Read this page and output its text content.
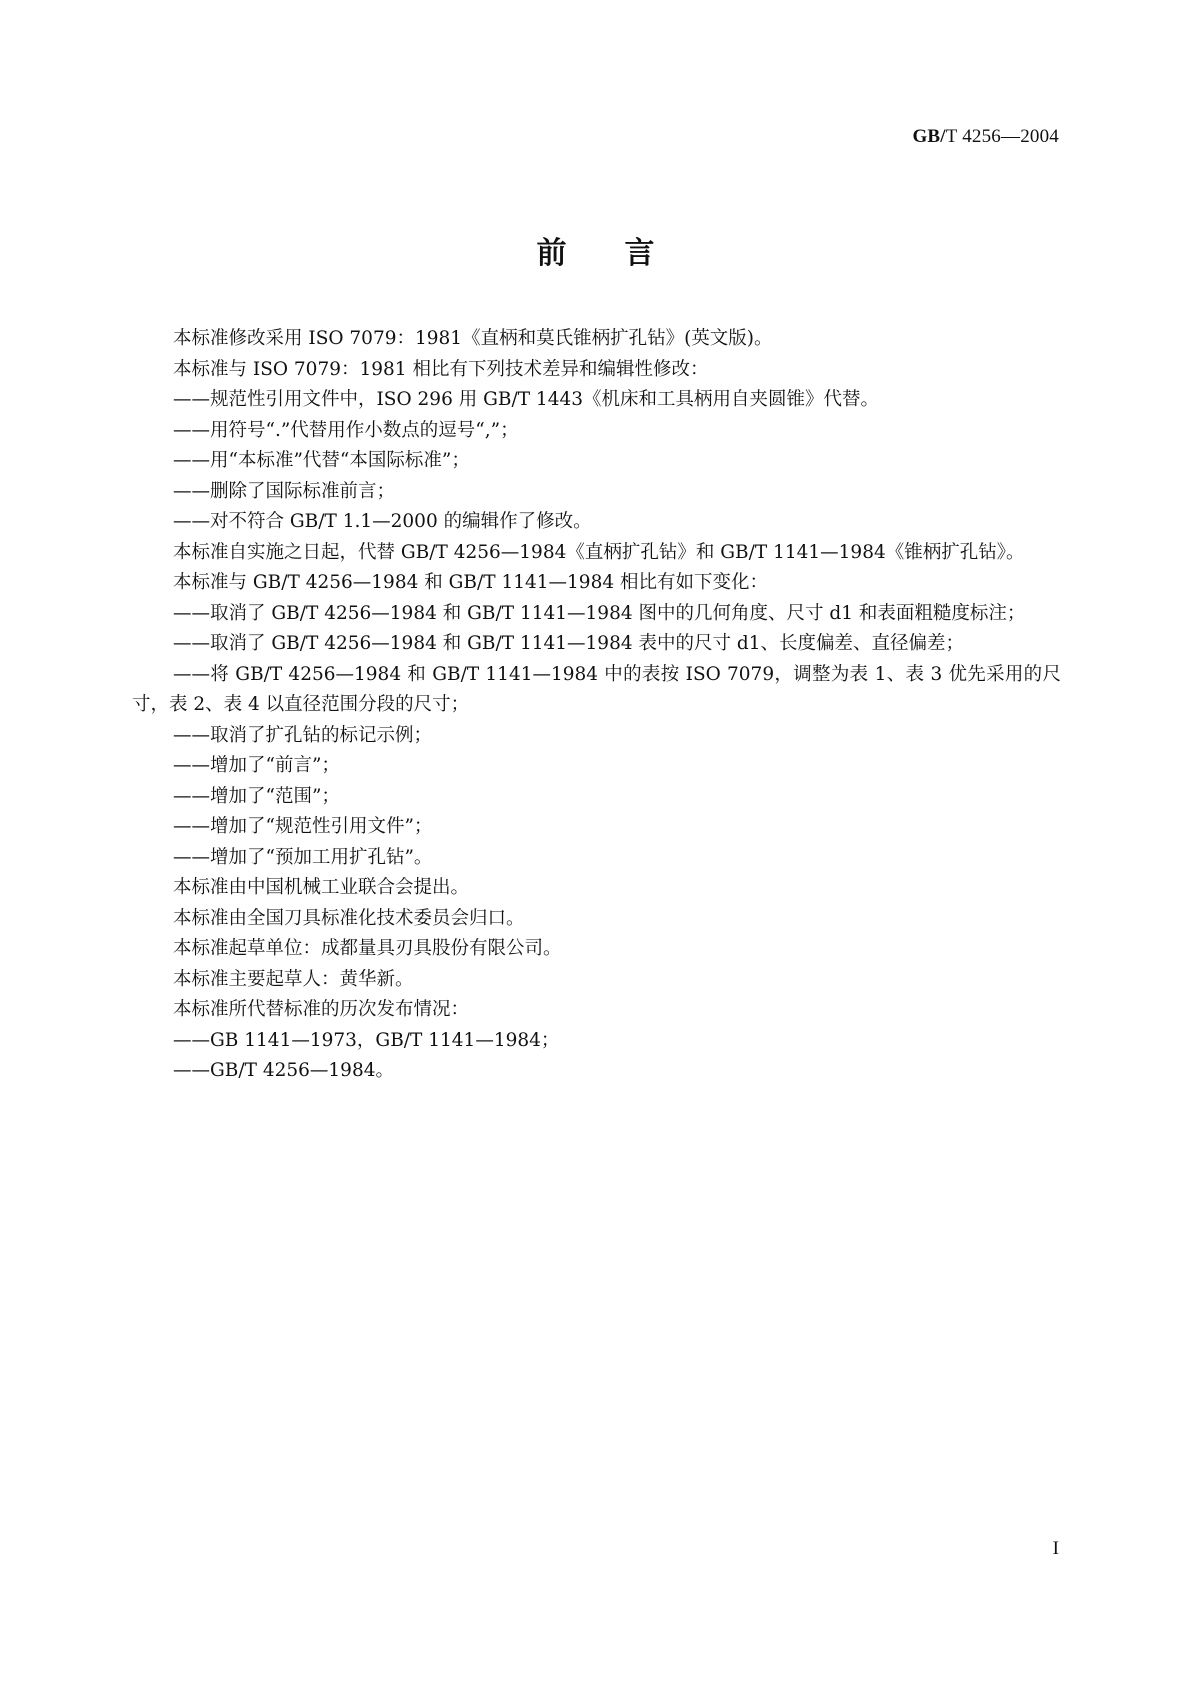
GB/T 4256—2004
前言

本标准修改采用 ISO 7079：1981《直柄和莫氏锥柄扩孔钻》(英文版)。

本标准与 ISO 7079：1981 相比有下列技术差异和编辑性修改：

——规范性引用文件中，ISO 296 用 GB/T 1443《机床和工具柄用自夹圆锥》代替。

——用符号“.”代替用作小数点的逗号“,”；

——用“本标准”代替“本国际标准”；

——删除了国际标准前言；

——对不符合 GB/T 1.1—2000 的编辑作了修改。

本标准自实施之日起，代替 GB/T 4256—1984《直柄扩孔钻》和 GB/T 1141—1984《锥柄扩孔钻》。

本标准与 GB/T 4256—1984 和 GB/T 1141—1984 相比有如下变化：

——取消了 GB/T 4256—1984 和 GB/T 1141—1984 图中的几何角度、尺寸 d1 和表面粗糙度标注；

——取消了 GB/T 4256—1984 和 GB/T 1141—1984 表中的尺寸 d1、长度偏差、直径偏差；

——将 GB/T 4256—1984 和 GB/T 1141—1984 中的表按 ISO 7079，调整为表 1、表 3 优先采用的尺寸，表 2、表 4 以直径范围分段的尺寸；

——取消了扩孔钻的标记示例；

——增加了“前言”；

——增加了“范围”；

——增加了“规范性引用文件”；

——增加了“预加工用扩孔钻”。

本标准由中国机械工业联合会提出。

本标准由全国刀具标准化技术委员会归口。

本标准起草单位：成都量具刃具股份有限公司。

本标准主要起草人：黄华新。

本标准所代替标准的历次发布情况：

——GB 1141—1973，GB/T 1141—1984；

——GB/T 4256—1984。

I
